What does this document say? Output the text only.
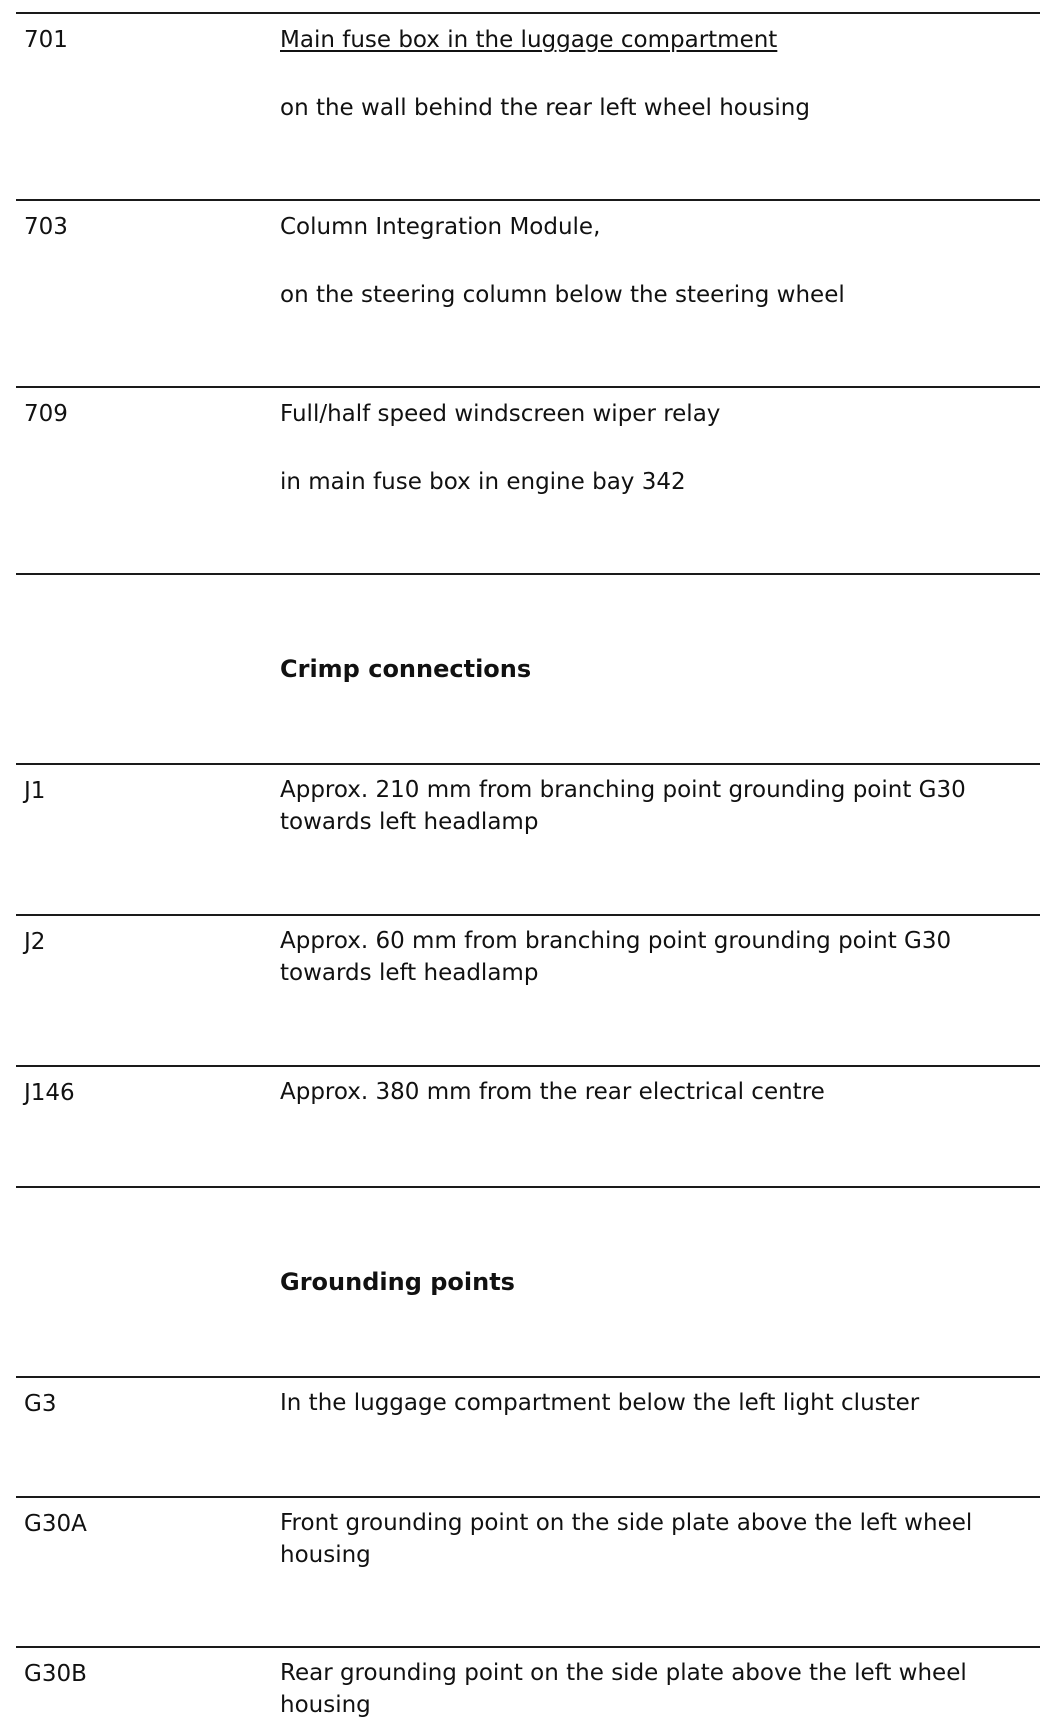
701	Main fuse box in the luggage compartment

on the wall behind the rear left wheel housing

703	Column Integration Module,

on the steering column below the steering wheel

709	Full/half speed windscreen wiper relay

in main fuse box in engine bay 342

Crimp connections
J1	Approx. 210 mm from branching point grounding point G30 towards left headlamp
J2	Approx. 60 mm from branching point grounding point G30 towards left headlamp
J146	Approx. 380 mm from the rear electrical centre
Grounding points
G3	In the luggage compartment below the left light cluster
G30A	Front grounding point on the side plate above the left wheel housing
G30B	Rear grounding point on the side plate above the left wheel housing
